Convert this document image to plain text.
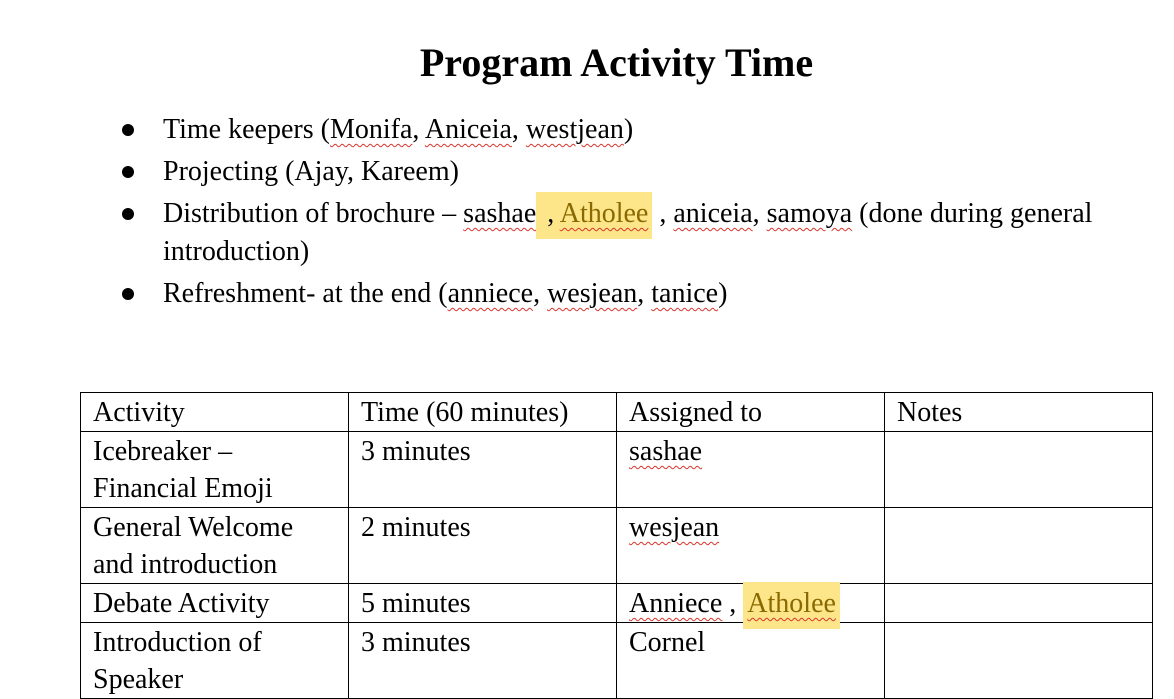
Program Activity Time
Time keepers (Monifa, Aniceia, westjean)
Projecting (Ajay, Kareem)
Distribution of brochure – sashae , Atholee , aniceia, samoya (done during general introduction)
Refreshment- at the end (anniece, wesjean, tanice)
Activity	Time (60 minutes)	Assigned to	Notes
Icebreaker –
Financial Emoji	3 minutes	sashae	
General Welcome
and introduction	2 minutes	wesjean	
Debate Activity	5 minutes	Anniece , Atholee	
Introduction of
Speaker	3 minutes	Cornel	
